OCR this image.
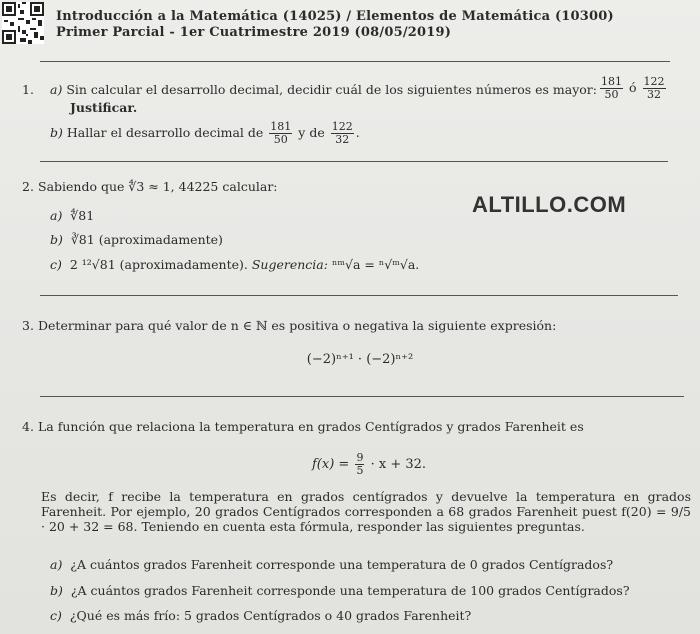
Introducción a la Matemática (14025) / Elementos de Matemática (10300)
Primer Parcial - 1er Cuatrimestre 2019 (08/05/2019)
1. a) Sin calcular el desarrollo decimal, decidir cuál de los siguientes números es mayor: $\frac{181}{50}$ ó $\frac{122}{32}$
Justificar.
b) Hallar el desarrollo decimal de $\frac{181}{50}$ y de $\frac{122}{32}$ .
2. Sabiendo que ∜3 ≈ 1, 44225 calcular:
a) ∜81
b) ∛81 (aproximadamente)
c) 2 ¹²√81 (aproximadamente). Sugerencia: ⁿᵐ√a = ⁿ√ᵐ√a.
ALTILLO.COM
3. Determinar para qué valor de n ∈ ℕ es positiva o negativa la siguiente expresión:
(−2)ⁿ⁺¹ · (−2)ⁿ⁺²
4. La función que relaciona la temperatura en grados Centígrados y grados Farenheit es
$f(x) = \frac{9}{5} \cdot x + 32$.
Es decir, f recibe la temperatura en grados centígrados y devuelve la temperatura en grados Farenheit. Por ejemplo, 20 grados Centígrados corresponden a 68 grados Farenheit puest f(20) = 9/5 · 20 + 32 = 68. Teniendo en cuenta esta fórmula, responder las siguientes preguntas.
a) ¿A cuántos grados Farenheit corresponde una temperatura de 0 grados Centígrados?
b) ¿A cuántos grados Farenheit corresponde una temperatura de 100 grados Centígrados?
c) ¿Qué es más frío: 5 grados Centígrados o 40 grados Farenheit?
